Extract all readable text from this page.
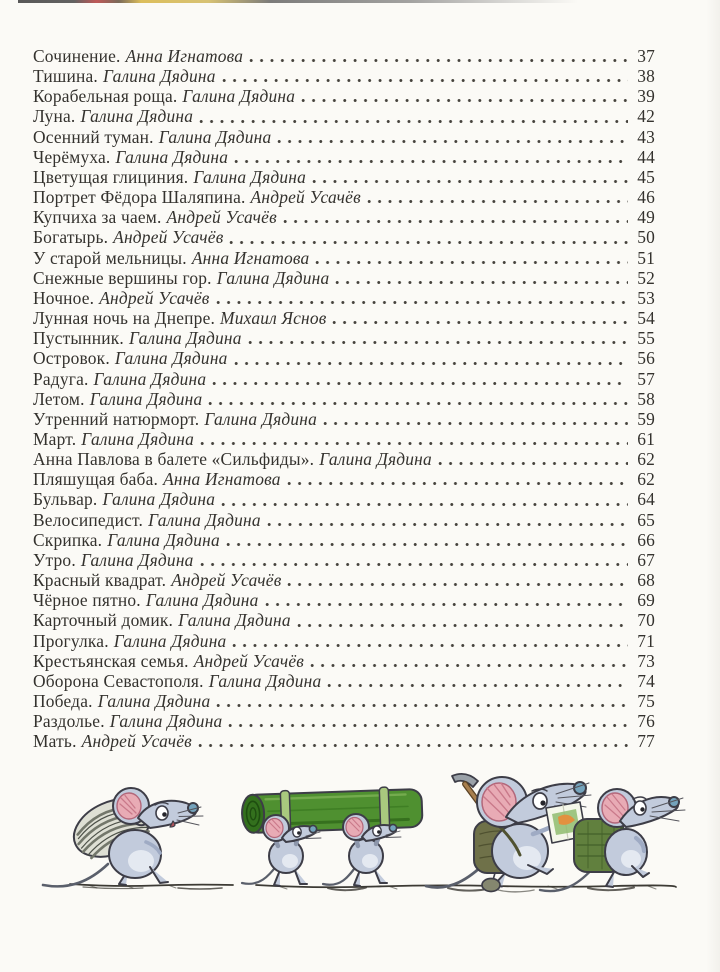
Сочинение. Анна Игнатова	37
Тишина. Галина Дядина	38
Корабельная роща. Галина Дядина	39
Луна. Галина Дядина	42
Осенний туман. Галина Дядина	43
Черёмуха. Галина Дядина	44
Цветущая глициния. Галина Дядина	45
Портрет Фёдора Шаляпина. Андрей Усачёв	46
Купчиха за чаем. Андрей Усачёв	49
Богатырь. Андрей Усачёв	50
У старой мельницы. Анна Игнатова	51
Снежные вершины гор. Галина Дядина	52
Ночное. Андрей Усачёв	53
Лунная ночь на Днепре. Михаил Яснов	54
Пустынник. Галина Дядина	55
Островок. Галина Дядина	56
Радуга. Галина Дядина	57
Летом. Галина Дядина	58
Утренний натюрморт. Галина Дядина	59
Март. Галина Дядина	61
Анна Павлова в балете «Сильфиды». Галина Дядина	62
Пляшущая баба. Анна Игнатова	62
Бульвар. Галина Дядина	64
Велосипедист. Галина Дядина	65
Скрипка. Галина Дядина	66
Утро. Галина Дядина	67
Красный квадрат. Андрей Усачёв	68
Чёрное пятно. Галина Дядина	69
Карточный домик. Галина Дядина	70
Прогулка. Галина Дядина	71
Крестьянская семья. Андрей Усачёв	73
Оборона Севастополя. Галина Дядина	74
Победа. Галина Дядина	75
Раздолье. Галина Дядина	76
Мать. Андрей Усачёв	77
